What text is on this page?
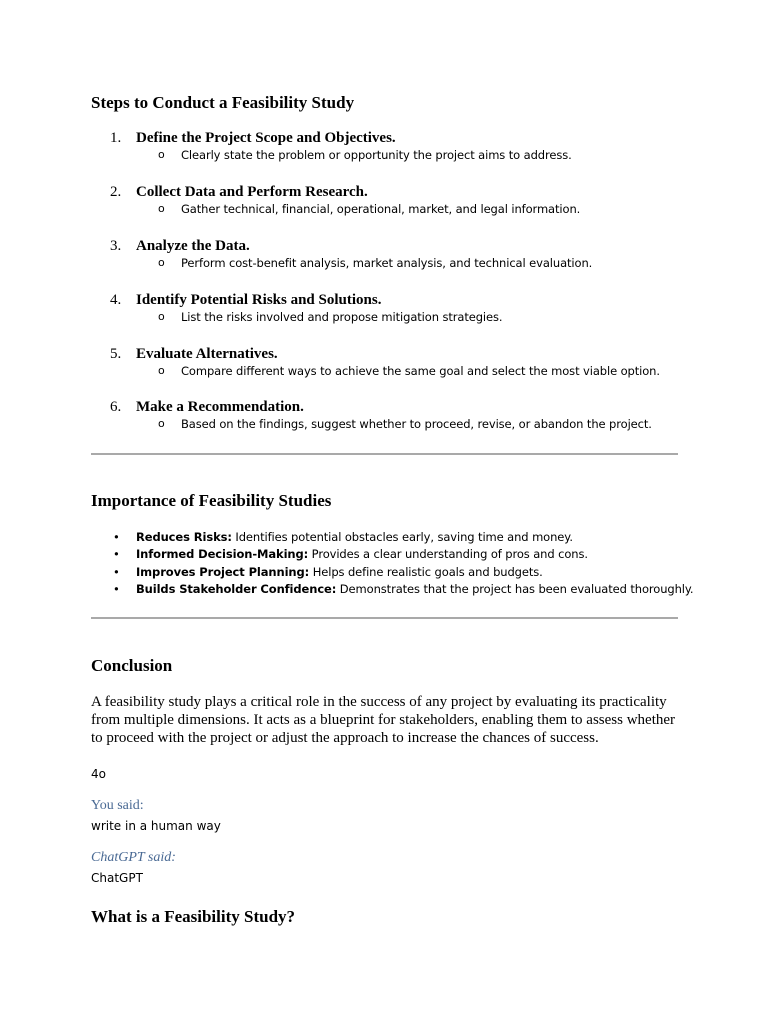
Steps to Conduct a Feasibility Study
1. Define the Project Scope and Objectives.
o Clearly state the problem or opportunity the project aims to address.
2. Collect Data and Perform Research.
o Gather technical, financial, operational, market, and legal information.
3. Analyze the Data.
o Perform cost-benefit analysis, market analysis, and technical evaluation.
4. Identify Potential Risks and Solutions.
o List the risks involved and propose mitigation strategies.
5. Evaluate Alternatives.
o Compare different ways to achieve the same goal and select the most viable option.
6. Make a Recommendation.
o Based on the findings, suggest whether to proceed, revise, or abandon the project.
Importance of Feasibility Studies
• Reduces Risks: Identifies potential obstacles early, saving time and money.
• Informed Decision-Making: Provides a clear understanding of pros and cons.
• Improves Project Planning: Helps define realistic goals and budgets.
• Builds Stakeholder Confidence: Demonstrates that the project has been evaluated thoroughly.
Conclusion

A feasibility study plays a critical role in the success of any project by evaluating its practicality from multiple dimensions. It acts as a blueprint for stakeholders, enabling them to assess whether to proceed with the project or adjust the approach to increase the chances of success.

4o
You said:
write in a human way
ChatGPT said:
ChatGPT
What is a Feasibility Study?
